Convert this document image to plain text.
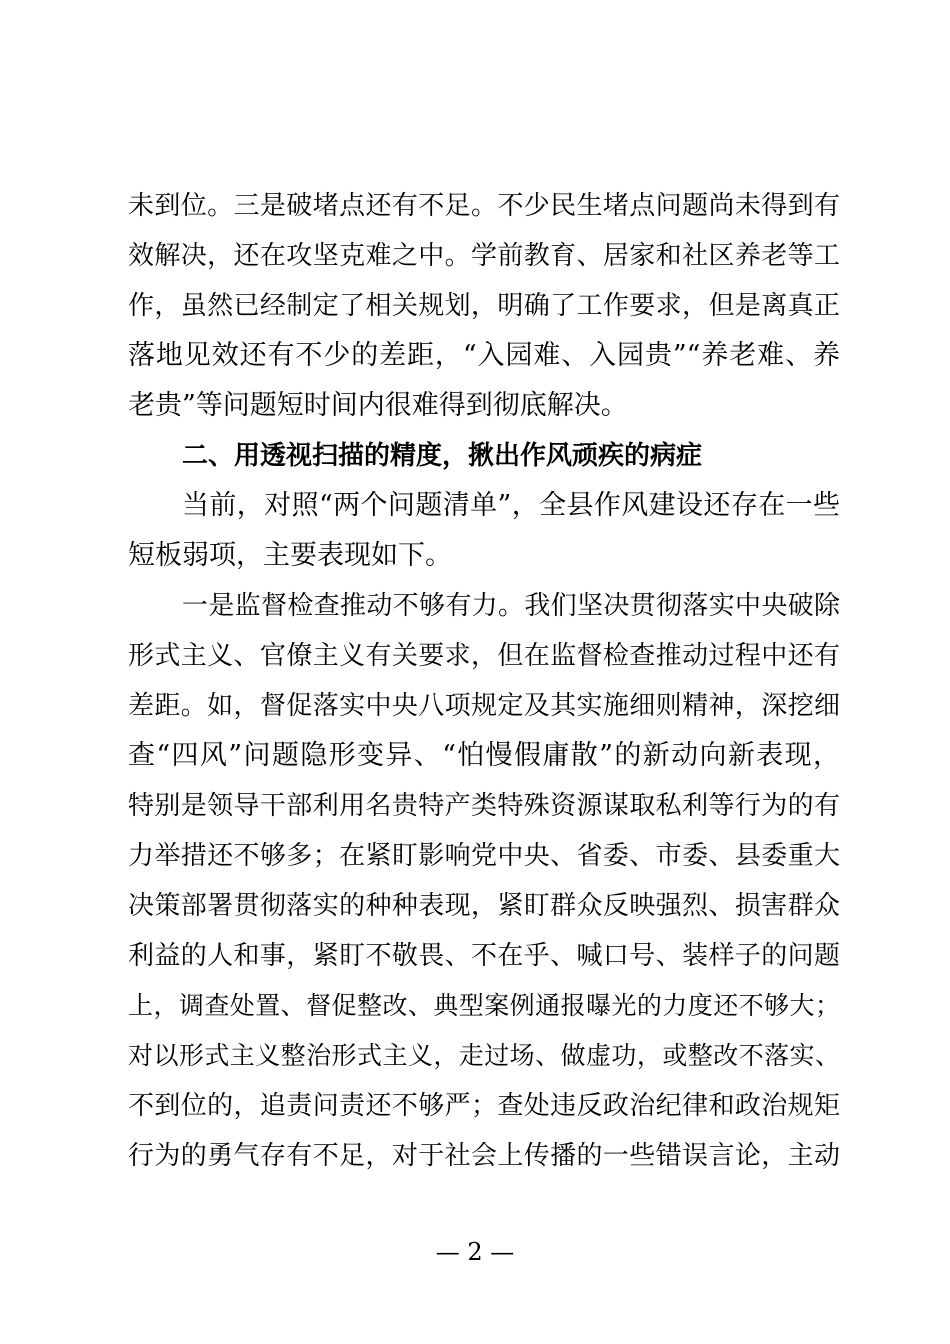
未到位。三是破堵点还有不足。不少民生堵点问题尚未得到有
效解决，还在攻坚克难之中。学前教育、居家和社区养老等工
作，虽然已经制定了相关规划，明确了工作要求，但是离真正
落地见效还有不少的差距，“入园难、入园贵”“养老难、养
老贵”等问题短时间内很难得到彻底解决。
二、用透视扫描的精度，揪出作风顽疾的病症
当前，对照“两个问题清单”，全县作风建设还存在一些
短板弱项，主要表现如下。
一是监督检查推动不够有力。我们坚决贯彻落实中央破除
形式主义、官僚主义有关要求，但在监督检查推动过程中还有
差距。如，督促落实中央八项规定及其实施细则精神，深挖细
查“四风”问题隐形变异、“怕慢假庸散”的新动向新表现，
特别是领导干部利用名贵特产类特殊资源谋取私利等行为的有
力举措还不够多；在紧盯影响党中央、省委、市委、县委重大
决策部署贯彻落实的种种表现，紧盯群众反映强烈、损害群众
利益的人和事，紧盯不敬畏、不在乎、喊口号、装样子的问题
上，调查处置、督促整改、典型案例通报曝光的力度还不够大；
对以形式主义整治形式主义，走过场、做虚功，或整改不落实、
不到位的，追责问责还不够严；查处违反政治纪律和政治规矩
行为的勇气存有不足，对于社会上传播的一些错误言论，主动
— 2 —
